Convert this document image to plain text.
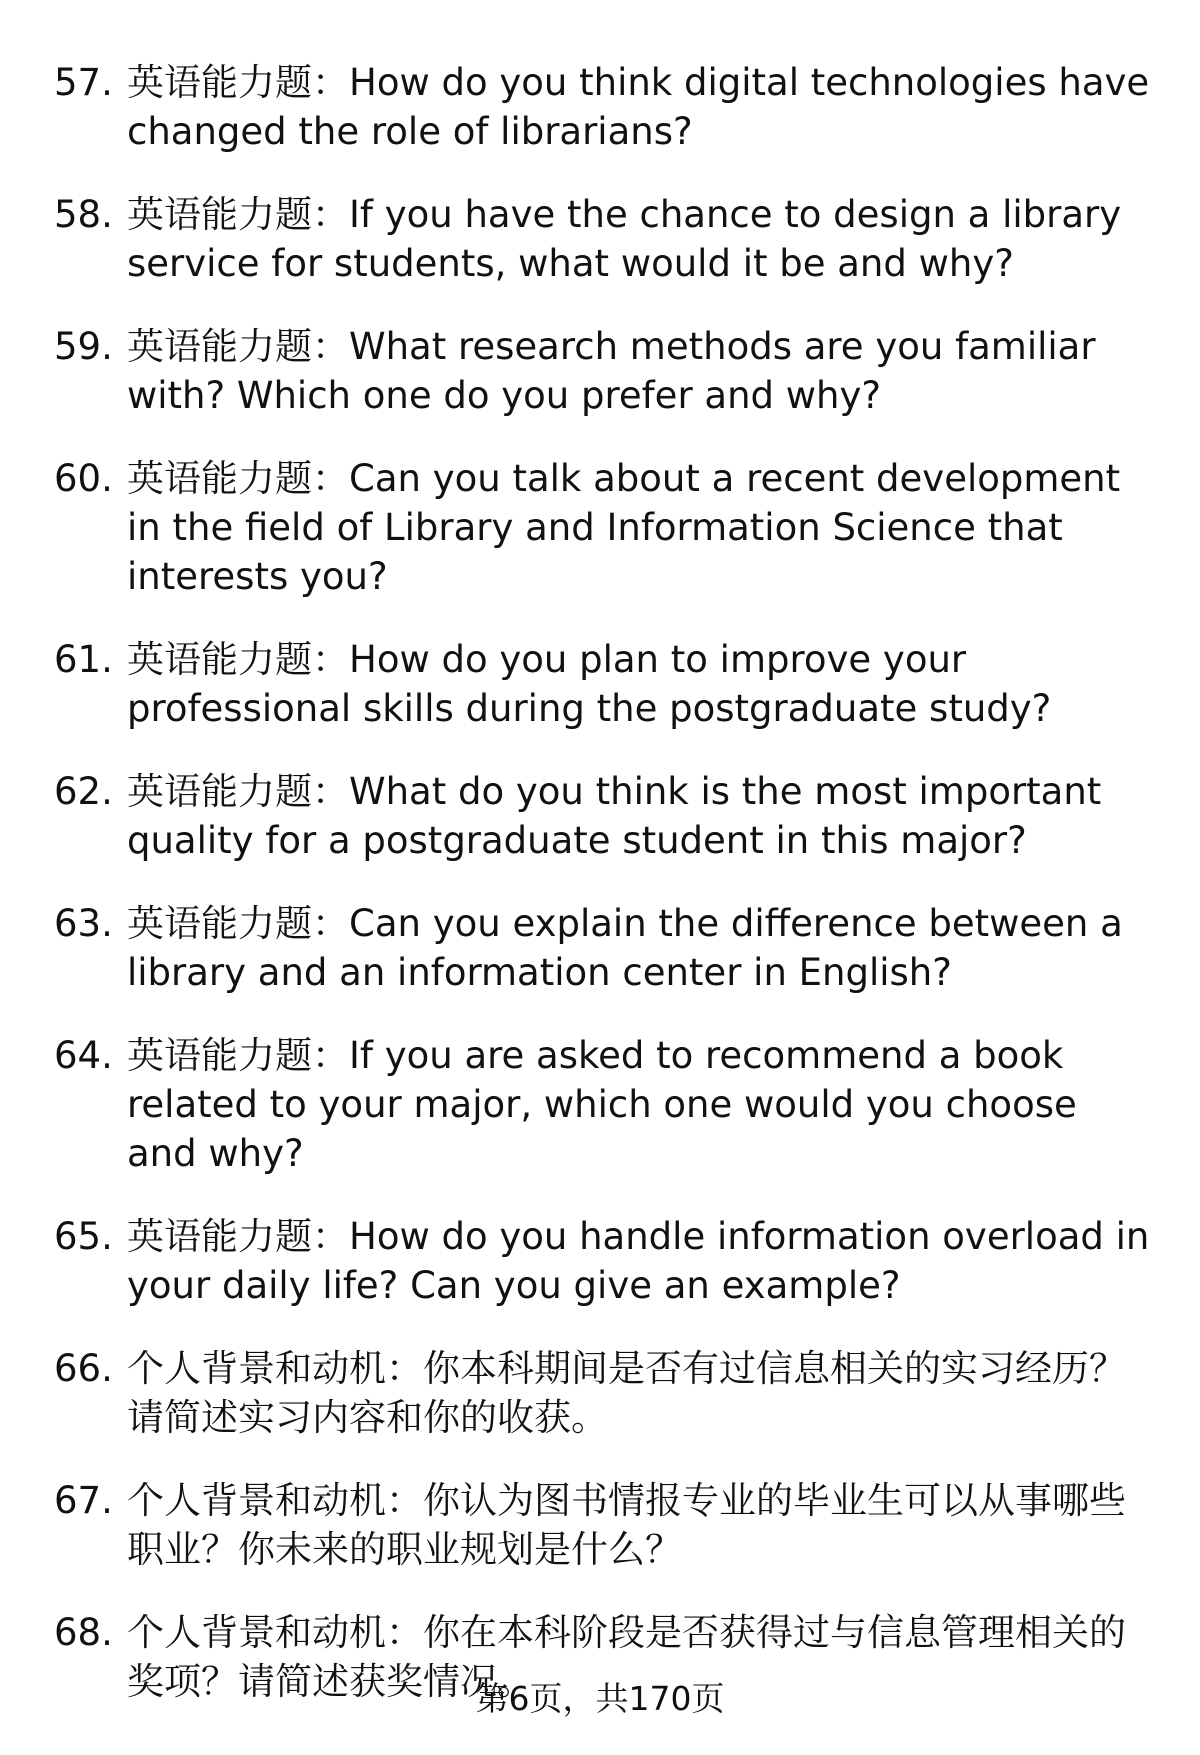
57. 英语能力题：How do you think digital technologies have changed the role of librarians?
58. 英语能力题：If you have the chance to design a library service for students, what would it be and why?
59. 英语能力题：What research methods are you familiar with? Which one do you prefer and why?
60. 英语能力题：Can you talk about a recent development in the field of Library and Information Science that interests you?
61. 英语能力题：How do you plan to improve your professional skills during the postgraduate study?
62. 英语能力题：What do you think is the most important quality for a postgraduate student in this major?
63. 英语能力题：Can you explain the difference between a library and an information center in English?
64. 英语能力题：If you are asked to recommend a book related to your major, which one would you choose and why?
65. 英语能力题：How do you handle information overload in your daily life? Can you give an example?
66. 个人背景和动机：你本科期间是否有过信息相关的实习经历？请简述实习内容和你的收获。
67. 个人背景和动机：你认为图书情报专业的毕业生可以从事哪些职业？你未来的职业规划是什么？
68. 个人背景和动机：你在本科阶段是否获得过与信息管理相关的奖项？请简述获奖情况。
第6页，共170页
